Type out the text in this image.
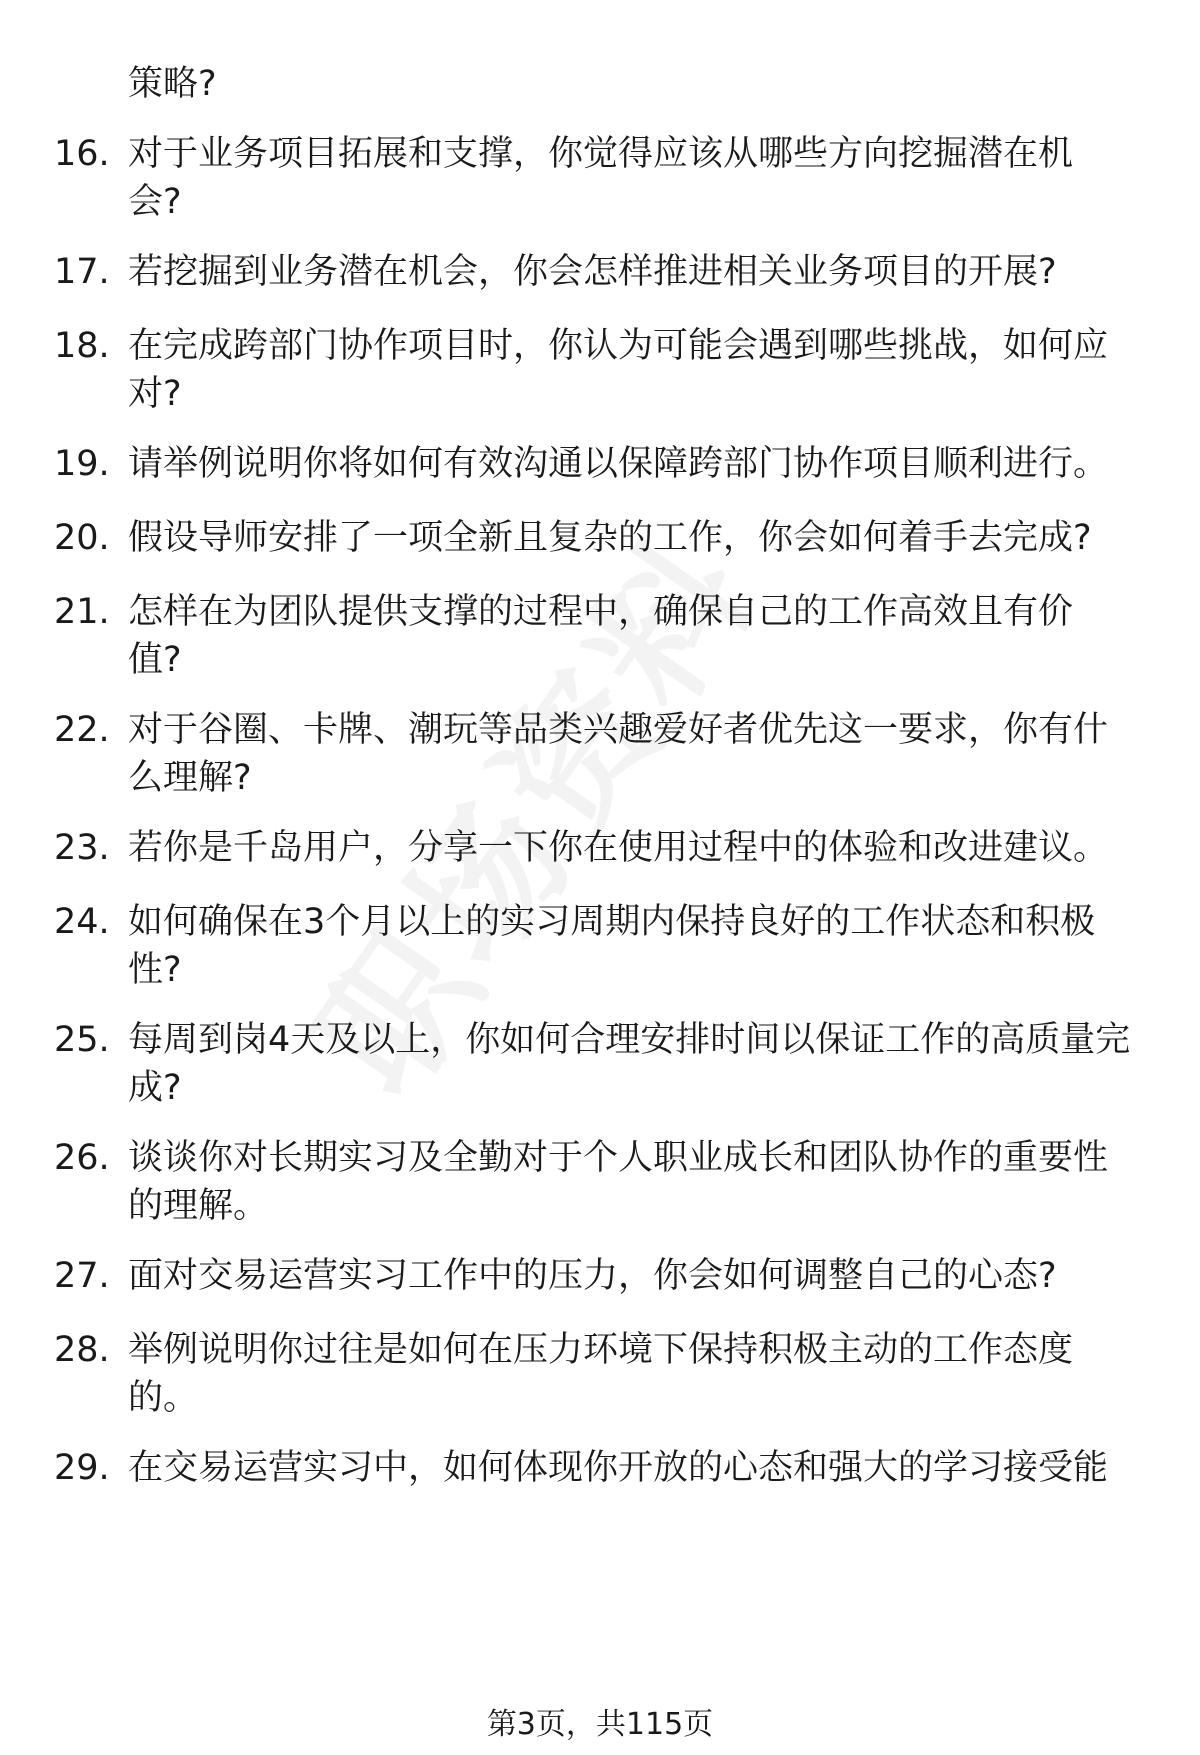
策略?
16. 对于业务项目拓展和支撑，你觉得应该从哪些方向挖掘潜在机
会?
17. 若挖掘到业务潜在机会，你会怎样推进相关业务项目的开展?
18. 在完成跨部门协作项目时，你认为可能会遇到哪些挑战，如何应
对?
19. 请举例说明你将如何有效沟通以保障跨部门协作项目顺利进行。
20. 假设导师安排了一项全新且复杂的工作，你会如何着手去完成?
21. 怎样在为团队提供支撑的过程中，确保自己的工作高效且有价
值?
22. 对于谷圈、卡牌、潮玩等品类兴趣爱好者优先这一要求，你有什
么理解?
23. 若你是千岛用户，分享一下你在使用过程中的体验和改进建议。
24. 如何确保在3个月以上的实习周期内保持良好的工作状态和积极
性?
25. 每周到岗4天及以上，你如何合理安排时间以保证工作的高质量完
成?
26. 谈谈你对长期实习及全勤对于个人职业成长和团队协作的重要性
的理解。
27. 面对交易运营实习工作中的压力，你会如何调整自己的心态?
28. 举例说明你过往是如何在压力环境下保持积极主动的工作态度
的。
29. 在交易运营实习中，如何体现你开放的心态和强大的学习接受能
第3页，共115页
